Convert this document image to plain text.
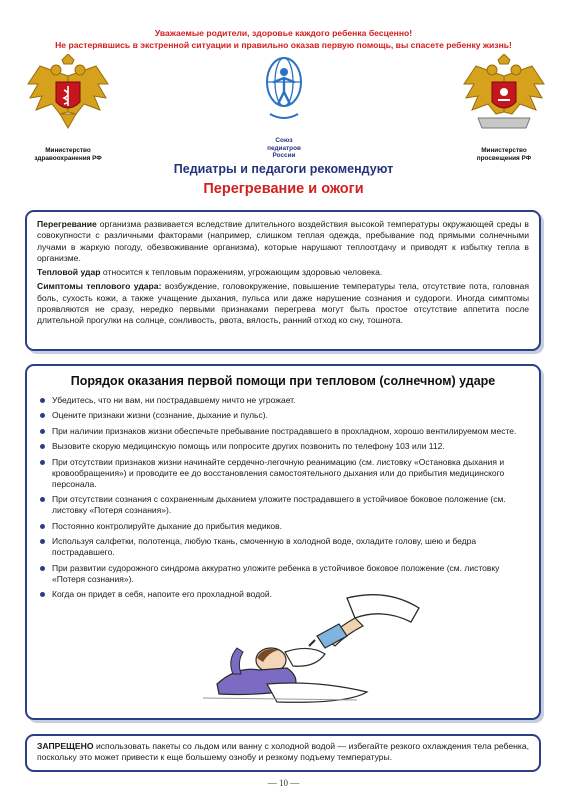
Уважаемые родители, здоровье каждого ребенка бесценно!
Не растерявшись в экстренной ситуации и правильно оказав первую помощь, вы спасете ребенку жизнь!
Министерство
здравоохранения РФ
Союз
педиатров
России
Министерство
просвещения РФ
Педиатры и педагоги рекомендуют
Перегревание и ожоги

Перегревание организма развивается вследствие длительного воздействия высокой температуры окружающей среды в совокупности с различными факторами (например, слишком теплая одежда, пребывание под прямыми солнечными лучами в жаркую погоду, обезвоживание организма), которые нарушают теплоотдачу и приводят к избытку тепла в организме.

Тепловой удар относится к тепловым поражениям, угрожающим здоровью человека.

Симптомы теплового удара: возбуждение, головокружение, повышение температуры тела, отсутствие пота, головная боль, сухость кожи, а также учащение дыхания, пульса или даже нарушение сознания и судороги. Иногда симптомы проявляются не сразу, нередко первыми признаками перегрева могут быть простое отсутствие аппетита после длительной прогулки на солнце, сонливость, рвота, вялость, ранний отход ко сну, тошнота.

Порядок оказания первой помощи при тепловом (солнечном) ударе
Убедитесь, что ни вам, ни пострадавшему ничто не угрожает.
Оцените признаки жизни (сознание, дыхание и пульс).
При наличии признаков жизни обеспечьте пребывание пострадавшего в прохладном, хорошо вентилируемом месте.
Вызовите скорую медицинскую помощь или попросите других позвонить по телефону 103 или 112.
При отсутствии признаков жизни начинайте сердечно-легочную реанимацию (см. листовку «Остановка дыхания и кровообращения») и проводите ее до восстановления самостоятельного дыхания или до прибытия медицинского персонала.
При отсутствии сознания с сохраненным дыханием уложите пострадавшего в устойчивое боковое положение (см. листовку «Потеря сознания»).
Постоянно контролируйте дыхание до прибытия медиков.
Используя салфетки, полотенца, любую ткань, смоченную в холодной воде, охладите голову, шею и бедра пострадавшего.
При развитии судорожного синдрома аккуратно уложите ребенка в устойчивое боковое положение (см. листовку «Потеря сознания»).
Когда он придет в себя, напоите его прохладной водой.

ЗАПРЕЩЕНО использовать пакеты со льдом или ванну с холодной водой — избегайте резкого охлаждения тела ребенка, поскольку это может привести к еще большему ознобу и резкому подъему температуры.

— 10 —
